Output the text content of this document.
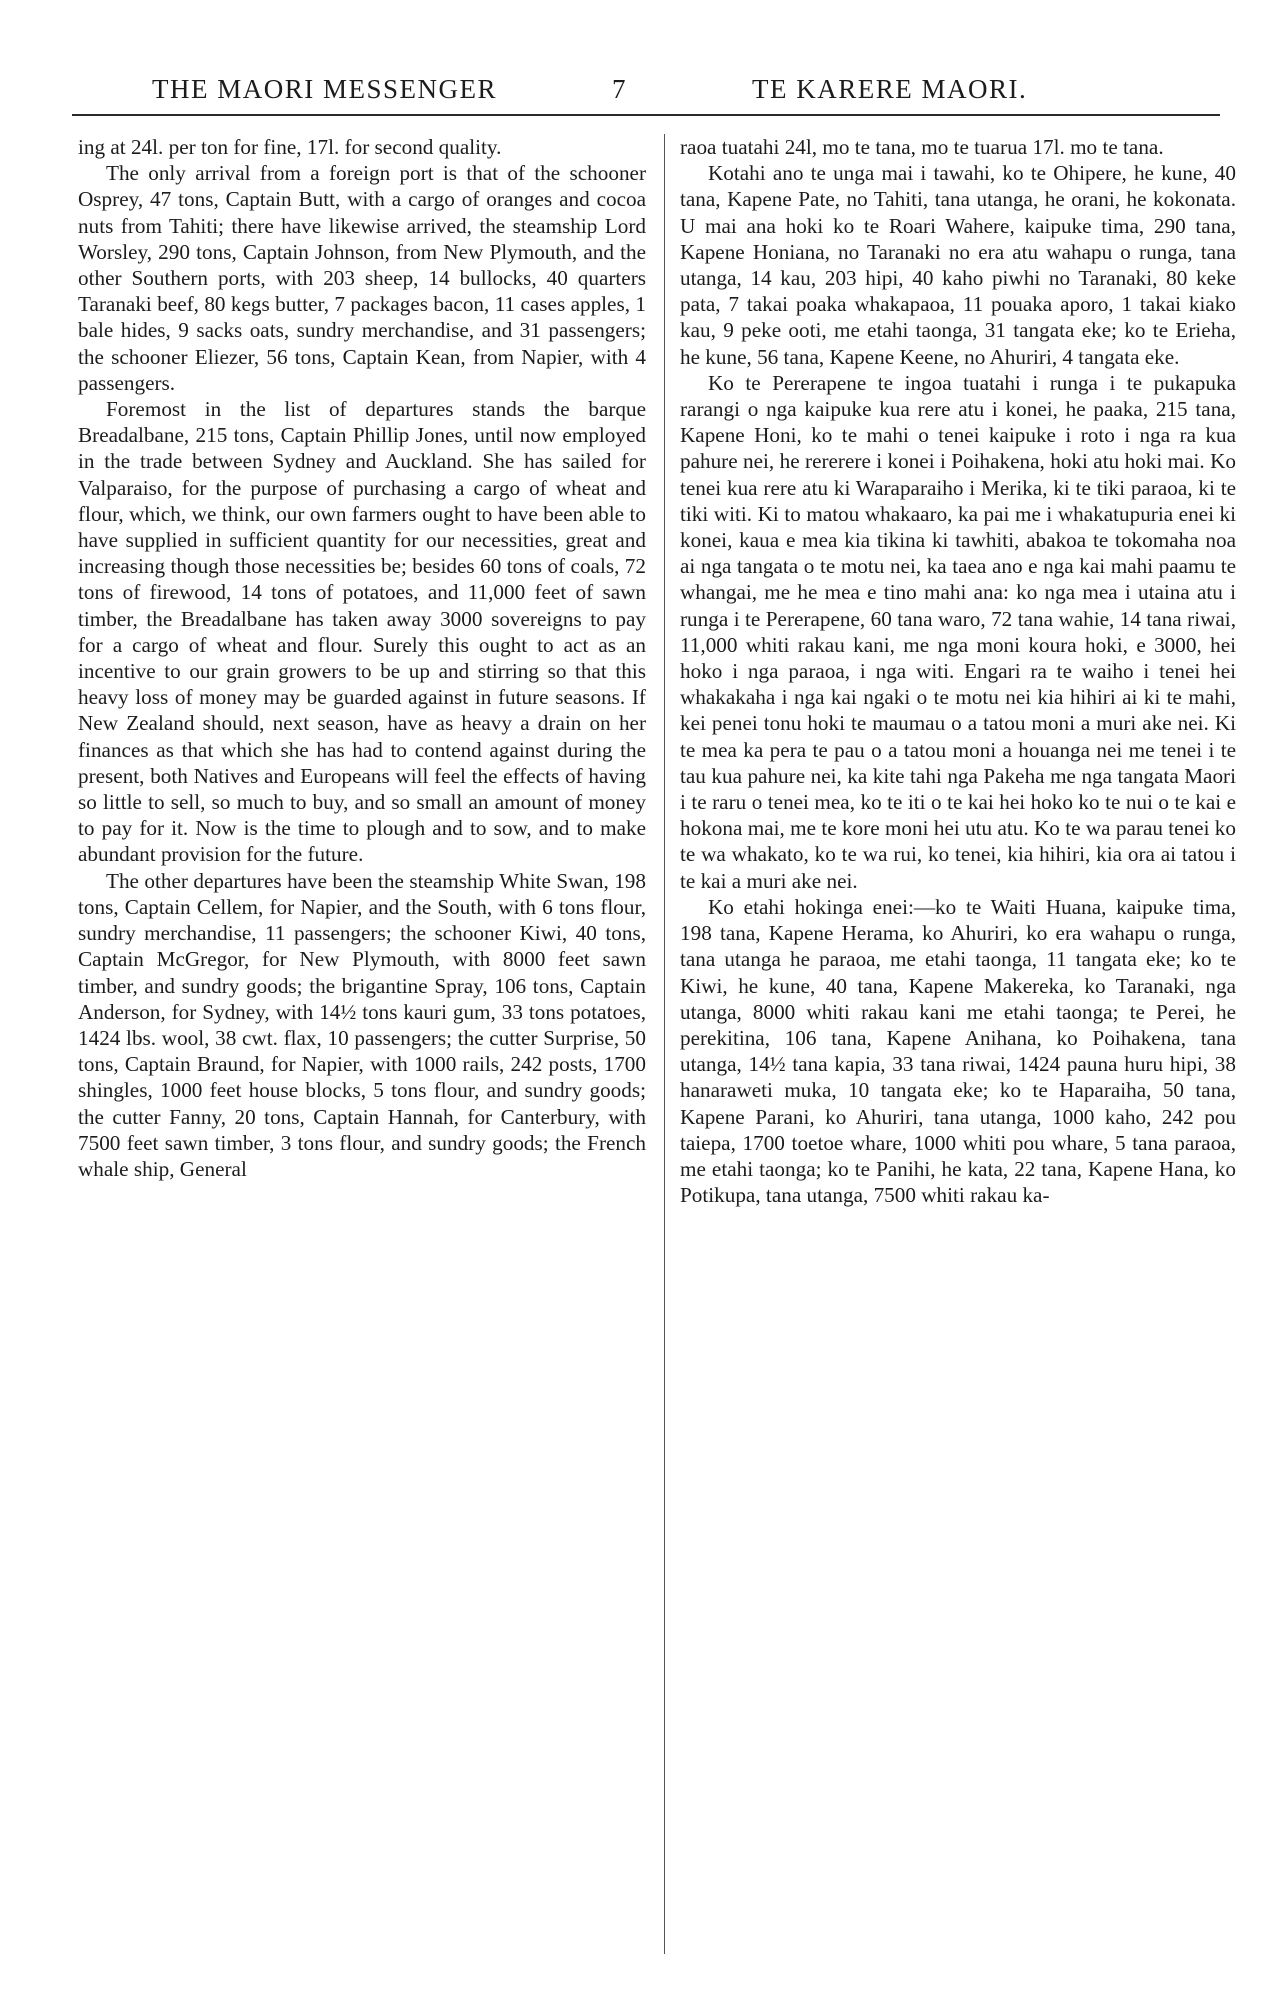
THE MAORI MESSENGER	7	TE KARERE MAORI.

ing at 24l. per ton for fine, 17l. for second quality.

The only arrival from a foreign port is that of the schooner Osprey, 47 tons, Captain Butt, with a cargo of oranges and cocoa nuts from Tahiti; there have likewise arrived, the steamship Lord Worsley, 290 tons, Captain Johnson, from New Plymouth, and the other Southern ports, with 203 sheep, 14 bullocks, 40 quarters Taranaki beef, 80 kegs butter, 7 packages bacon, 11 cases apples, 1 bale hides, 9 sacks oats, sundry merchandise, and 31 passengers; the schooner Eliezer, 56 tons, Captain Kean, from Napier, with 4 passengers.

Foremost in the list of departures stands the barque Breadalbane, 215 tons, Captain Phillip Jones, until now employed in the trade between Sydney and Auckland. She has sailed for Valparaiso, for the purpose of purchasing a cargo of wheat and flour, which, we think, our own farmers ought to have been able to have supplied in sufficient quantity for our necessities, great and increasing though those necessities be; besides 60 tons of coals, 72 tons of firewood, 14 tons of potatoes, and 11,000 feet of sawn timber, the Breadalbane has taken away 3000 sovereigns to pay for a cargo of wheat and flour. Surely this ought to act as an incentive to our grain growers to be up and stirring so that this heavy loss of money may be guarded against in future seasons. If New Zealand should, next season, have as heavy a drain on her finances as that which she has had to contend against during the present, both Natives and Europeans will feel the effects of having so little to sell, so much to buy, and so small an amount of money to pay for it. Now is the time to plough and to sow, and to make abundant provision for the future.

The other departures have been the steamship White Swan, 198 tons, Captain Cellem, for Napier, and the South, with 6 tons flour, sundry merchandise, 11 passengers; the schooner Kiwi, 40 tons, Captain McGregor, for New Plymouth, with 8000 feet sawn timber, and sundry goods; the brigantine Spray, 106 tons, Captain Anderson, for Sydney, with 14½ tons kauri gum, 33 tons potatoes, 1424 lbs. wool, 38 cwt. flax, 10 passengers; the cutter Surprise, 50 tons, Captain Braund, for Napier, with 1000 rails, 242 posts, 1700 shingles, 1000 feet house blocks, 5 tons flour, and sundry goods; the cutter Fanny, 20 tons, Captain Hannah, for Canterbury, with 7500 feet sawn timber, 3 tons flour, and sundry goods; the French whale ship, General

raoa tuatahi 24l, mo te tana, mo te tuarua 17l. mo te tana.

Kotahi ano te unga mai i tawahi, ko te Ohipere, he kune, 40 tana, Kapene Pate, no Tahiti, tana utanga, he orani, he kokonata. U mai ana hoki ko te Roari Wahere, kaipuke tima, 290 tana, Kapene Honiana, no Taranaki no era atu wahapu o runga, tana utanga, 14 kau, 203 hipi, 40 kaho piwhi no Taranaki, 80 keke pata, 7 takai poaka whakapaoa, 11 pouaka aporo, 1 takai kiako kau, 9 peke ooti, me etahi taonga, 31 tangata eke; ko te Erieha, he kune, 56 tana, Kapene Keene, no Ahuriri, 4 tangata eke.

Ko te Pererapene te ingoa tuatahi i runga i te pukapuka rarangi o nga kaipuke kua rere atu i konei, he paaka, 215 tana, Kapene Honi, ko te mahi o tenei kaipuke i roto i nga ra kua pahure nei, he rererere i konei i Poihakena, hoki atu hoki mai. Ko tenei kua rere atu ki Waraparaiho i Merika, ki te tiki paraoa, ki te tiki witi. Ki to matou whakaaro, ka pai me i whakatupuria enei ki konei, kaua e mea kia tikina ki tawhiti, abakoa te tokomaha noa ai nga tangata o te motu nei, ka taea ano e nga kai mahi paamu te whangai, me he mea e tino mahi ana: ko nga mea i utaina atu i runga i te Pererapene, 60 tana waro, 72 tana wahie, 14 tana riwai, 11,000 whiti rakau kani, me nga moni koura hoki, e 3000, hei hoko i nga paraoa, i nga witi. Engari ra te waiho i tenei hei whakakaha i nga kai ngaki o te motu nei kia hihiri ai ki te mahi, kei penei tonu hoki te maumau o a tatou moni a muri ake nei. Ki te mea ka pera te pau o a tatou moni a houanga nei me tenei i te tau kua pahure nei, ka kite tahi nga Pakeha me nga tangata Maori i te raru o tenei mea, ko te iti o te kai hei hoko ko te nui o te kai e hokona mai, me te kore moni hei utu atu. Ko te wa parau tenei ko te wa whakato, ko te wa rui, ko tenei, kia hihiri, kia ora ai tatou i te kai a muri ake nei.

Ko etahi hokinga enei:—ko te Waiti Huana, kaipuke tima, 198 tana, Kapene Herama, ko Ahuriri, ko era wahapu o runga, tana utanga he paraoa, me etahi taonga, 11 tangata eke; ko te Kiwi, he kune, 40 tana, Kapene Makereka, ko Taranaki, nga utanga, 8000 whiti rakau kani me etahi taonga; te Perei, he perekitina, 106 tana, Kapene Anihana, ko Poihakena, tana utanga, 14½ tana kapia, 33 tana riwai, 1424 pauna huru hipi, 38 hanaraweti muka, 10 tangata eke; ko te Haparaiha, 50 tana, Kapene Parani, ko Ahuriri, tana utanga, 1000 kaho, 242 pou taiepa, 1700 toetoe whare, 1000 whiti pou whare, 5 tana paraoa, me etahi taonga; ko te Panihi, he kata, 22 tana, Kapene Hana, ko Potikupa, tana utanga, 7500 whiti rakau ka-
